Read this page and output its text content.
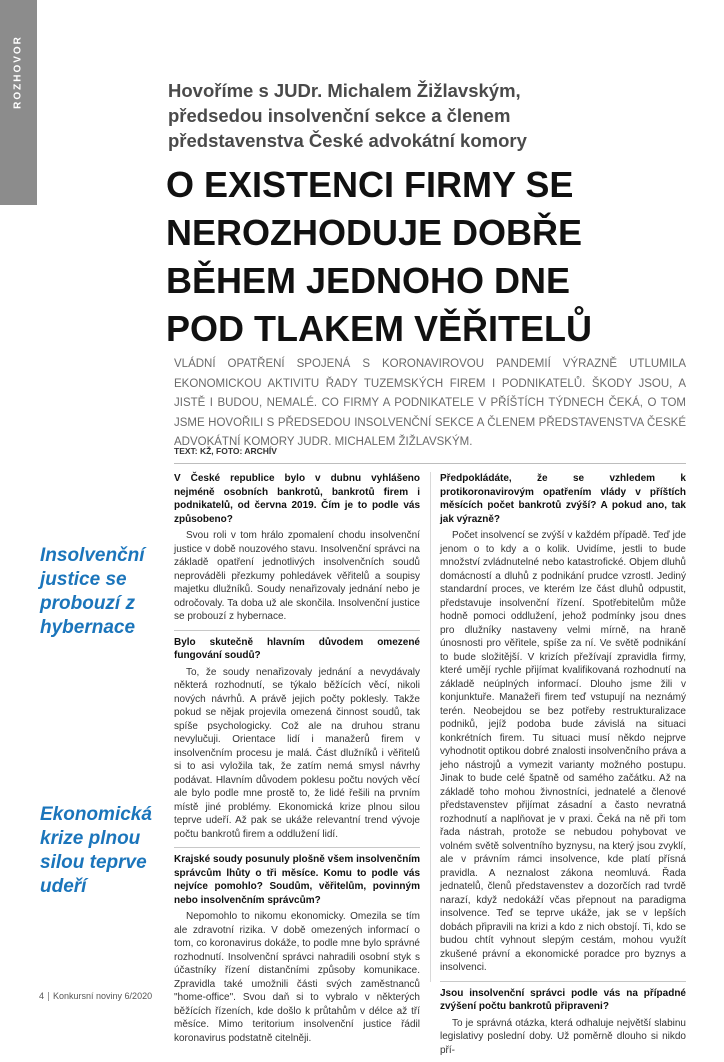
ROZHOVOR	Hovoříme s JUDr. Michalem Žižlavským,
předsedou insolvenční sekce a členem
představenstva České advokátní komory
O EXISTENCI FIRMY SE
NEROZHODUJE DOBŘE
BĚHEM JEDNOHO DNE
POD TLAKEM VĚŘITELŮ
VLÁDNÍ OPATŘENÍ SPOJENÁ S KORONAVIROVOU PANDEMIÍ VÝRAZNĚ UTLUMILA EKONOMICKOU AKTIVITU ŘADY TUZEMSKÝCH FIREM I PODNIKATELŮ. ŠKODY JSOU, A JISTĚ I BUDOU, NEMALÉ. CO FIRMY A PODNIKATELE V PŘÍŠTÍCH TÝDNECH ČEKÁ, O TOM JSME HOVOŘILI S PŘEDSEDOU INSOLVENČNÍ SEKCE A ČLENEM PŘEDSTAVENSTVA ČESKÉ ADVOKÁTNÍ KOMORY JUDR. MICHALEM ŽIŽLAVSKÝM.
TEXT: KŽ, FOTO: ARCHÍV
Insolvenční justice se probouzí z hybernace
Ekonomická krize plnou silou teprve udeří

V České republice bylo v dubnu vyhlášeno nejméně osobních bankrotů, bankrotů firem i podnikatelů, od června 2019. Čím je to podle vás způsobeno?

Svou roli v tom hrálo zpomalení chodu insolvenční justice v době nouzového stavu. Insolvenční správci na základě opatření jednotlivých insolvenčních soudů neprováděli přezkumy pohledávek věřitelů a soupisy majetku dlužníků. Soudy nenařizovaly jednání nebo je odročovaly. Ta doba už ale skončila. Insolvenční justice se probouzí z hybernace.

Bylo skutečně hlavním důvodem omezené fungování soudů?

To, že soudy nenařizovaly jednání a nevydávaly některá rozhodnutí, se týkalo běžících věcí, nikoli nových návrhů. A právě jejich počty poklesly. Takže pokud se nějak projevila omezená činnost soudů, tak spíše psychologicky. Což ale na druhou stranu nevylučuji. Orientace lidí i manažerů firem v insolvenčním procesu je malá. Část dlužníků i věřitelů si to asi vyložila tak, že zatím nemá smysl návrhy podávat. Hlavním důvodem poklesu počtu nových věcí ale bylo podle mne prostě to, že lidé řešili na prvním místě jiné problémy. Ekonomická krize plnou silou teprve udeří. Až pak se ukáže relevantní trend vývoje počtu bankrotů firem a oddlužení lidí.

Krajské soudy posunuly plošně všem insolvenčním správcům lhůty o tři měsíce. Komu to podle vás nejvíce pomohlo? Soudům, věřitelům, povinným nebo insolvenčním správcům?

Nepomohlo to nikomu ekonomicky. Omezila se tím ale zdravotní rizika. V době omezených informací o tom, co koronavirus dokáže, to podle mne bylo správné rozhodnutí. Insolvenční správci nahradili osobní styk s účastníky řízení distančními způsoby komunikace. Zpravidla také umožnili části svých zaměstnanců "home-office". Svou daň si to vybralo v některých běžících řízeních, kde došlo k průtahům v délce až tří měsíce. Mimo teritorium insolvenční justice řádil koronavirus podstatně citelněji.

Předpokládáte, že se vzhledem k protikoronavirovým opatřením vlády v příštích měsících počet bankrotů zvýší? A pokud ano, tak jak výrazně?

Počet insolvencí se zvýší v každém případě. Teď jde jenom o to kdy a o kolik. Uvidíme, jestli to bude množství zvládnutelné nebo katastrofické. Objem dluhů domácností a dluhů z podnikání prudce vzrostl. Jediný standardní proces, ve kterém lze část dluhů odpustit, představuje insolvenční řízení. Spotřebitelům může hodně pomoci oddlužení, jehož podmínky jsou dnes pro dlužníky nastaveny velmi mírně, na hraně únosnosti pro věřitele, spíše za ní. Ve světě podnikání to bude složitější. V krizích přežívají zpravidla firmy, které umějí rychle přijímat kvalifikovaná rozhodnutí na základě neúplných informací. Dlouho jsme žili v konjunktuře. Manažeři firem teď vstupují na neznámý terén. Neobejdou se bez potřeby restrukturalizace podniků, jejíž podoba bude závislá na situaci konkrétních firem. Tu situaci musí někdo nejprve vyhodnotit optikou dobré znalosti insolvenčního práva a jeho nástrojů a vymezit varianty možného postupu. Jinak to bude celé špatně od samého začátku. Až na základě toho mohou živnostníci, jednatelé a členové představenstev přijímat zásadní a často nevratná rozhodnutí a naplňovat je v praxi. Čeká na ně při tom řada nástrah, protože se nebudou pohybovat ve volném světě solventního byznysu, na který jsou zvyklí, ale v právním rámci insolvence, kde platí přísná pravidla. A neznalost zákona neomluvá. Řada jednatelů, členů představenstev a dozorčích rad tvrdě narazí, když nedokáží včas přepnout na paradigma insolvence. Teď se teprve ukáže, jak se v lepších dobách připravili na krizi a kdo z nich obstojí. Ti, kdo se budou chtít vyhnout slepým cestám, mohou využít zkušené právní a ekonomické poradce pro byznys a insolvenci.

Jsou insolvenční správci podle vás na případné zvýšení počtu bankrotů připraveni?

To je správná otázka, která odhaluje největší slabinu legislativy poslední doby. Už poměrně dlouho si nikdo pří-

4 Konkursní noviny 6/2020
